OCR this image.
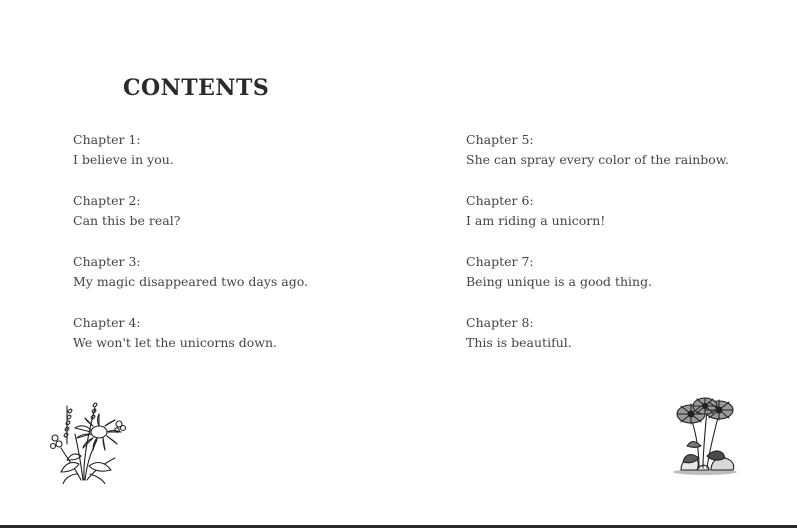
CONTENTS
Chapter 1:
I believe in you.
Chapter 2:
Can this be real?
Chapter 3:
My magic disappeared two days ago.
Chapter 4:
We won't let the unicorns down.
Chapter 5:
She can spray every color of the rainbow.
Chapter 6:
I am riding a unicorn!
Chapter 7:
Being unique is a good thing.
Chapter 8:
This is beautiful.
